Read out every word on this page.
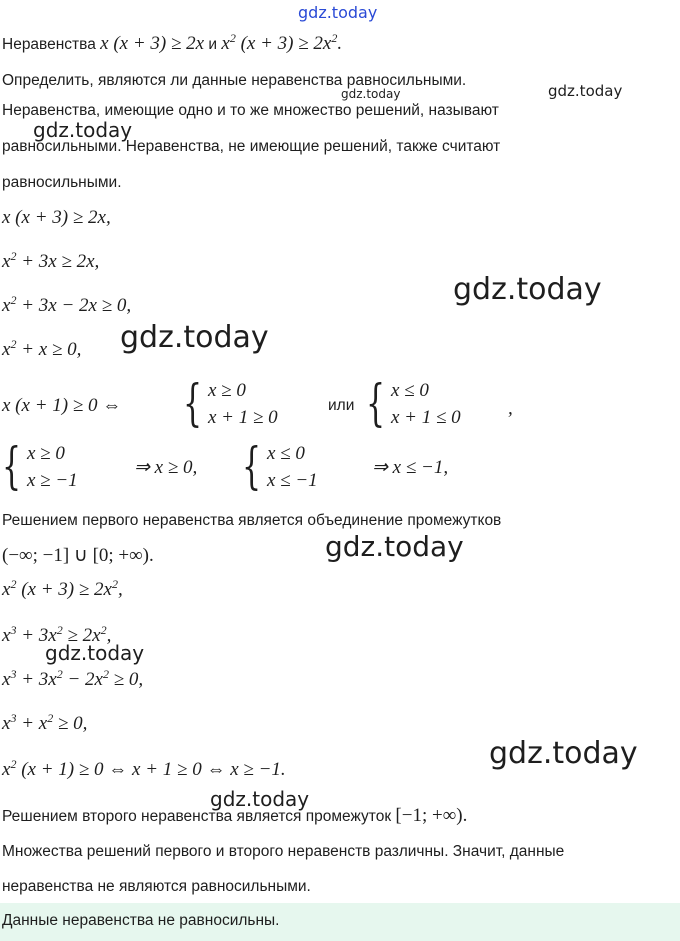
Неравенства x (x + 3) ≥ 2x и $x^2$ $(x + 3) \ge 2x^2$.
Определить, являются ли данные неравенства равносильными.
Неравенства, имеющие одно и то же множество решений, называют
равносильными. Неравенства, не имеющие решений, также считают
равносильными.
x (x + 3) ≥ 2x,
$x^2 + 3x \ge 2x$,
$x^2 + 3x - 2x \ge 0$,
$x^2 + x \ge 0$,
x (x + 1) ≥ 0 ⇔ { x ≥ 0
x + 1 ≥ 0
или { x ≤ 0
x + 1 ≤ 0 ,
{ x ≥ 0
x ≥ −1
⇒ x ≥ 0, { x ≤ 0
x ≤ −1
⇒ x ≤ −1,
Решением первого неравенства является объединение промежутков
(−∞; −1] ∪ [0; +∞).
$x^2$ $(x + 3) \ge 2x^2$,
$x^3 + 3x^2 \ge 2x^2$,
$x^3 + 3x^2 - 2x^2 \ge 0$,
$x^3 + x^2 \ge 0$,
$x^2$ (x + 1) ≥ 0 ⇔ x + 1 ≥ 0 ⇔ x ≥ −1.
Решением второго неравенства является промежуток [−1; +∞).
Множества решений первого и второго неравенств различны. Значит, данные
неравенства не являются равносильными.
Данные неравенства не равносильны.
gdz.today
gdz.today	gdz.today
gdz.today
gdz.today
gdz.today
gdz.today
gdz.today
gdz.today
gdz.today
